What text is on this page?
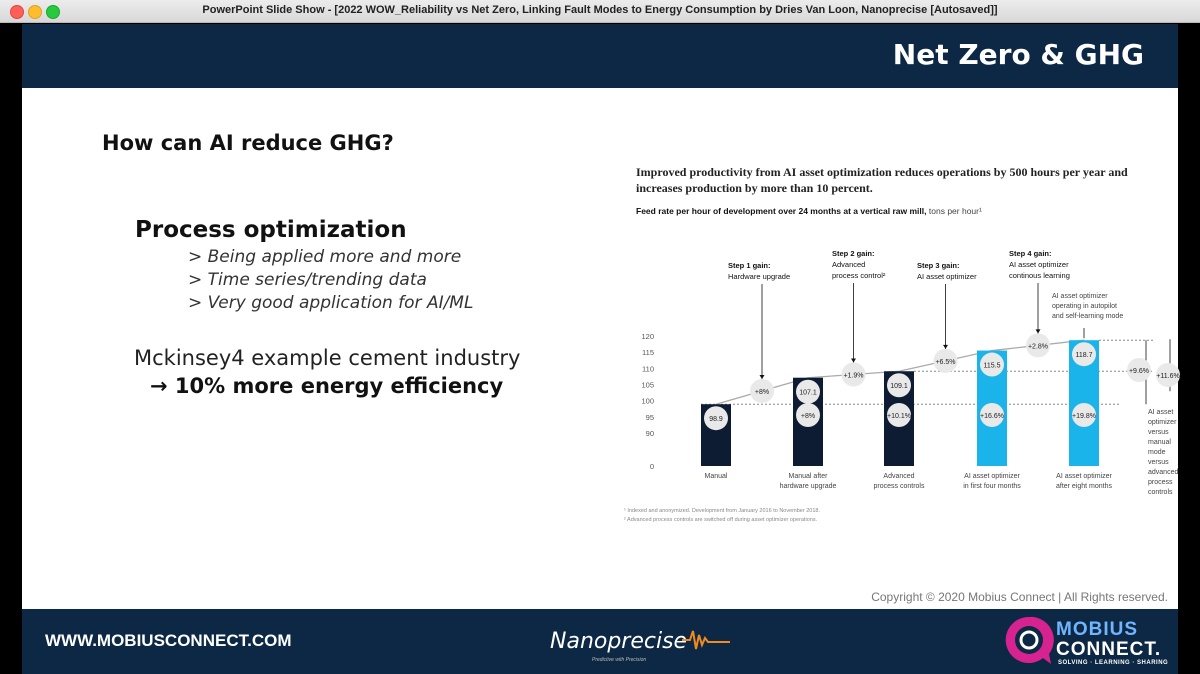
PowerPoint Slide Show - [2022 WOW_Reliability vs Net Zero, Linking Fault Modes to Energy Consumption by Dries Van Loon, Nanoprecise [Autosaved]]
Net Zero & GHG
How can AI reduce GHG?
Process optimization
> Being applied more and more
> Time series/trending data
> Very good application for AI/ML
Mckinsey4 example cement industry
→ 10% more energy efficiency
Improved productivity from AI asset optimization reduces operations by 500 hours per year and increases production by more than 10 percent.
Feed rate per hour of development over 24 months at a vertical raw mill, tons per hour¹
0
90
95
100
105
110
115
120
98.9
107.1
109.1
115.5
118.7
+8%	+10.1%	+16.6%	+19.8%
+8%
+1.9%
+6.5%
+2.8%
Step 1 gain:
Hardware upgrade
Step 2 gain:
Advanced
process control²
Step 3 gain:
AI asset optimizer
Step 4 gain:
AI asset optimizer
continous learning
AI asset optimizer
operating in autopilot
and self-learning mode
+9.6%
+11.6%
AI asset
optimizer
versus
manual
mode
versus
advanced
process
controls
Manual	Manual after
hardware upgrade
Advanced
process controls
AI asset optimizer
in first four months
AI asset optimizer
after eight months
¹ Indexed and anonymized. Development from January 2016 to November 2018.
² Advanced process controls are switched off during asset optimizer operations.
Copyright © 2020 Mobius Connect | All Rights reserved.
WWW.MOBIUSCONNECT.COM	Nanoprecise
Predictive with Precision
MOBIUS
CONNECT.
SOLVING · LEARNING · SHARING
